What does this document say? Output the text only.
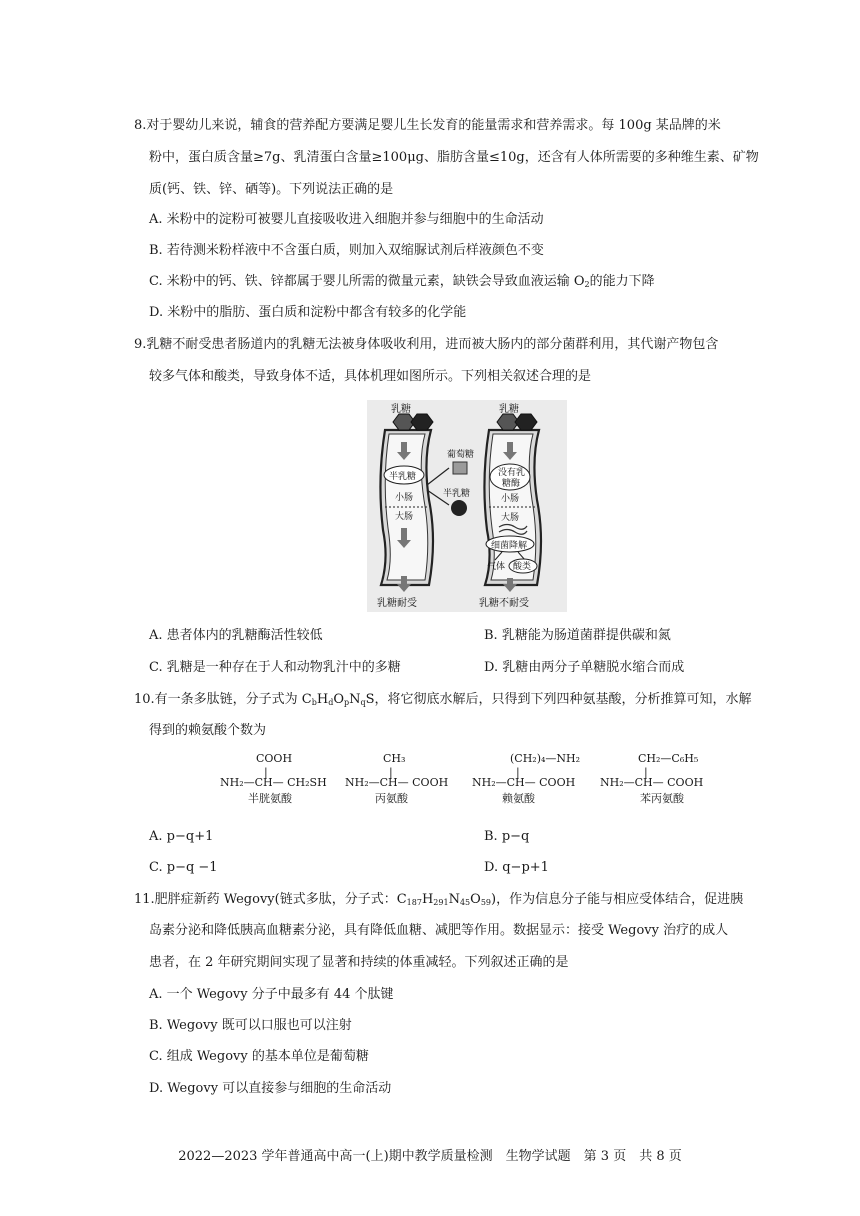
8.对于婴幼儿来说，辅食的营养配方要满足婴儿生长发育的能量需求和营养需求。每 100g 某品牌的米
粉中，蛋白质含量≥7g、乳清蛋白含量≥100μg、脂肪含量≤10g，还含有人体所需要的多种维生素、矿物
质(钙、铁、锌、硒等)。下列说法正确的是
A. 米粉中的淀粉可被婴儿直接吸收进入细胞并参与细胞中的生命活动
B. 若待测米粉样液中不含蛋白质，则加入双缩脲试剂后样液颜色不变
C. 米粉中的钙、铁、锌都属于婴儿所需的微量元素，缺铁会导致血液运输 $O_2$的能力下降
D. 米粉中的脂肪、蛋白质和淀粉中都含有较多的化学能
9.乳糖不耐受患者肠道内的乳糖无法被身体吸收利用，进而被大肠内的部分菌群利用，其代谢产物包含
较多气体和酸类，导致身体不适，具体机理如图所示。下列相关叙述合理的是
乳糖
半乳糖
小肠
大肠
乳糖耐受
葡萄糖
半乳糖
乳糖
没有乳
糖酶
小肠
大肠
细菌降解
气体 酸类
乳糖不耐受
A. 患者体内的乳糖酶活性较低	B. 乳糖能为肠道菌群提供碳和氮
C. 乳糖是一种存在于人和动物乳汁中的多糖	D. 乳糖由两分子单糖脱水缩合而成
10.有一条多肽链，分子式为 $C_bH_dO_pN_qS$，将它彻底水解后，只得到下列四种氨基酸，分析推算可知，水解
得到的赖氨酸个数为
COOH
|
NH₂—CH— CH₂SH
半胱氨酸
CH₃
|
NH₂—CH— COOH
丙氨酸
(CH₂)₄—NH₂
|
NH₂—CH— COOH
赖氨酸
CH₂—C₆H₅
|
NH₂—CH— COOH
苯丙氨酸
A. p−q+1	B. p−q
C. p−q −1	D. q−p+1
11.肥胖症新药 Wegovy(链式多肽，分子式：$C_{187}H_{291}N_{45}O_{59}$)，作为信息分子能与相应受体结合，促进胰
岛素分泌和降低胰高血糖素分泌，具有降低血糖、减肥等作用。数据显示：接受 Wegovy 治疗的成人
患者，在 2 年研究期间实现了显著和持续的体重减轻。下列叙述正确的是
A. 一个 Wegovy 分子中最多有 44 个肽键
B. Wegovy 既可以口服也可以注射
C. 组成 Wegovy 的基本单位是葡萄糖
D. Wegovy 可以直接参与细胞的生命活动
2022—2023 学年普通高中高一(上)期中教学质量检测　生物学试题　第 3 页　共 8 页
